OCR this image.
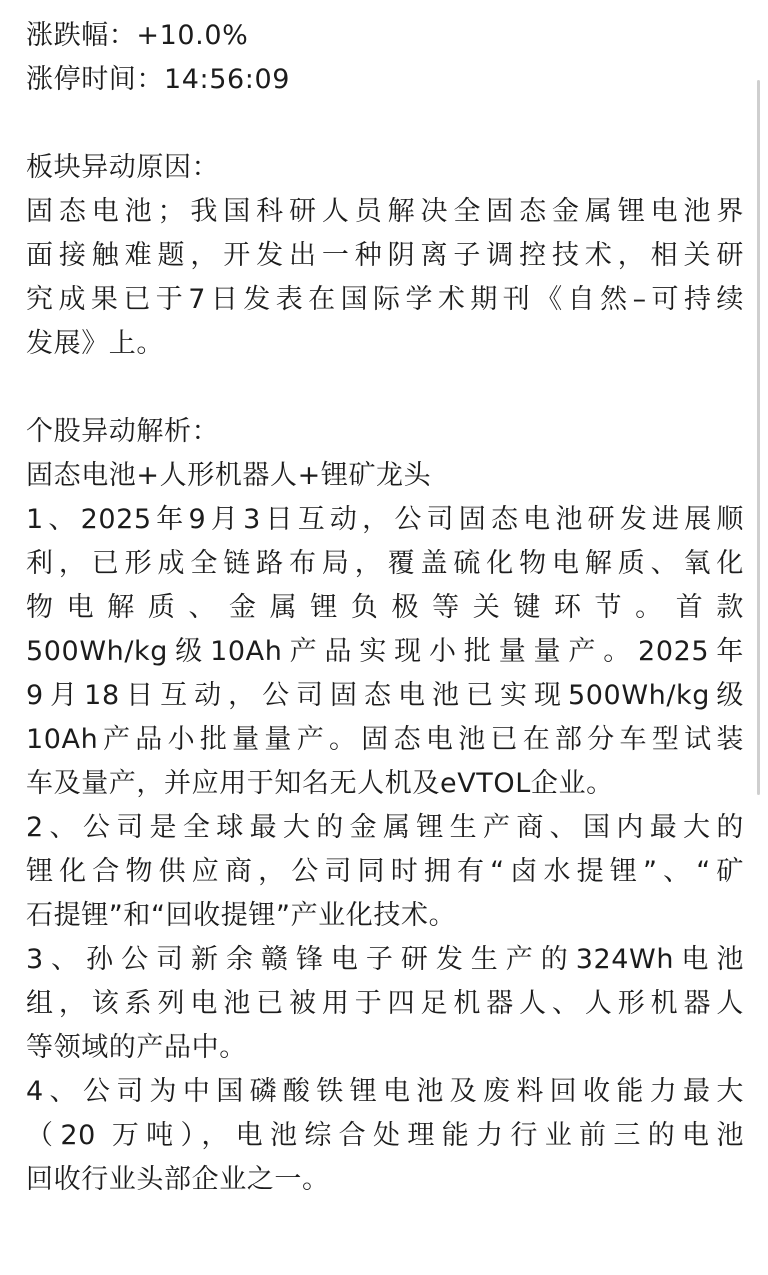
涨跌幅：+10.0%
涨停时间：14:56:09
板块异动原因：
固态电池；我国科研人员解决全固态金属锂电池界
面接触难题，开发出一种阴离子调控技术，相关研
究成果已于7日发表在国际学术期刊《自然–可持续
发展》上。
个股异动解析：
固态电池+人形机器人+锂矿龙头
1、2025年9月3日互动，公司固态电池研发进展顺
利，已形成全链路布局，覆盖硫化物电解质、氧化
物电解质、金属锂负极等关键环节。首款
500Wh/kg级10Ah产品实现小批量量产。2025年
9月18日互动，公司固态电池已实现500Wh/kg级
10Ah产品小批量量产。固态电池已在部分车型试装
车及量产，并应用于知名无人机及eVTOL企业。
2、公司是全球最大的金属锂生产商、国内最大的
锂化合物供应商，公司同时拥有“卤水提锂”、“矿
石提锂”和“回收提锂”产业化技术。
3、孙公司新余赣锋电子研发生产的324Wh电池
组，该系列电池已被用于四足机器人、人形机器人
等领域的产品中。
4、公司为中国磷酸铁锂电池及废料回收能力最大
（20 万吨），电池综合处理能力行业前三的电池
回收行业头部企业之一。
